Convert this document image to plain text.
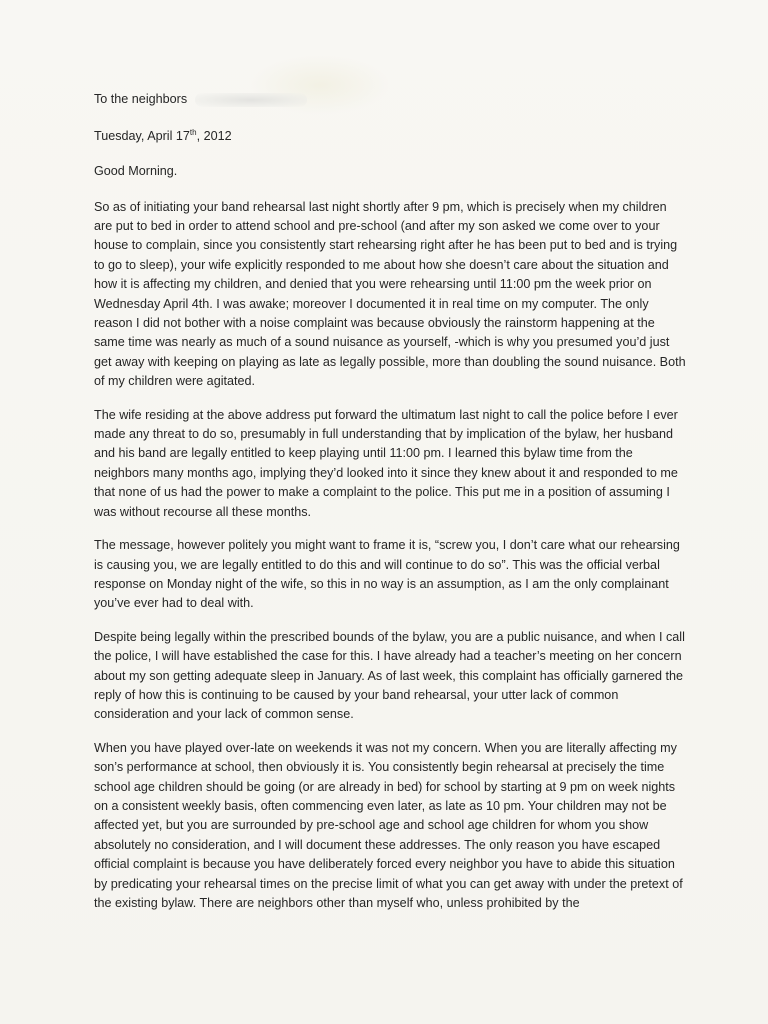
To the neighbors
Tuesday, April 17th, 2012
Good Morning.

So as of initiating your band rehearsal last night shortly after 9 pm, which is precisely when my children are put to bed in order to attend school and pre-school (and after my son asked we come over to your house to complain, since you consistently start rehearsing right after he has been put to bed and is trying to go to sleep), your wife explicitly responded to me about how she doesn’t care about the situation and how it is affecting my children, and denied that you were rehearsing until 11:00 pm the week prior on Wednesday April 4th. I was awake; moreover I documented it in real time on my computer. The only reason I did not bother with a noise complaint was because obviously the rainstorm happening at the same time was nearly as much of a sound nuisance as yourself, -which is why you presumed you’d just get away with keeping on playing as late as legally possible, more than doubling the sound nuisance. Both of my children were agitated.

The wife residing at the above address put forward the ultimatum last night to call the police before I ever made any threat to do so, presumably in full understanding that by implication of the bylaw, her husband and his band are legally entitled to keep playing until 11:00 pm. I learned this bylaw time from the neighbors many months ago, implying they’d looked into it since they knew about it and responded to me that none of us had the power to make a complaint to the police. This put me in a position of assuming I was without recourse all these months.

The message, however politely you might want to frame it is, “screw you, I don’t care what our rehearsing is causing you, we are legally entitled to do this and will continue to do so”. This was the official verbal response on Monday night of the wife, so this in no way is an assumption, as I am the only complainant you’ve ever had to deal with.

Despite being legally within the prescribed bounds of the bylaw, you are a public nuisance, and when I call the police, I will have established the case for this. I have already had a teacher’s meeting on her concern about my son getting adequate sleep in January. As of last week, this complaint has officially garnered the reply of how this is continuing to be caused by your band rehearsal, your utter lack of common consideration and your lack of common sense.

When you have played over-late on weekends it was not my concern. When you are literally affecting my son’s performance at school, then obviously it is. You consistently begin rehearsal at precisely the time school age children should be going (or are already in bed) for school by starting at 9 pm on week nights on a consistent weekly basis, often commencing even later, as late as 10 pm. Your children may not be affected yet, but you are surrounded by pre-school age and school age children for whom you show absolutely no consideration, and I will document these addresses. The only reason you have escaped official complaint is because you have deliberately forced every neighbor you have to abide this situation by predicating your rehearsal times on the precise limit of what you can get away with under the pretext of the existing bylaw. There are neighbors other than myself who, unless prohibited by the
